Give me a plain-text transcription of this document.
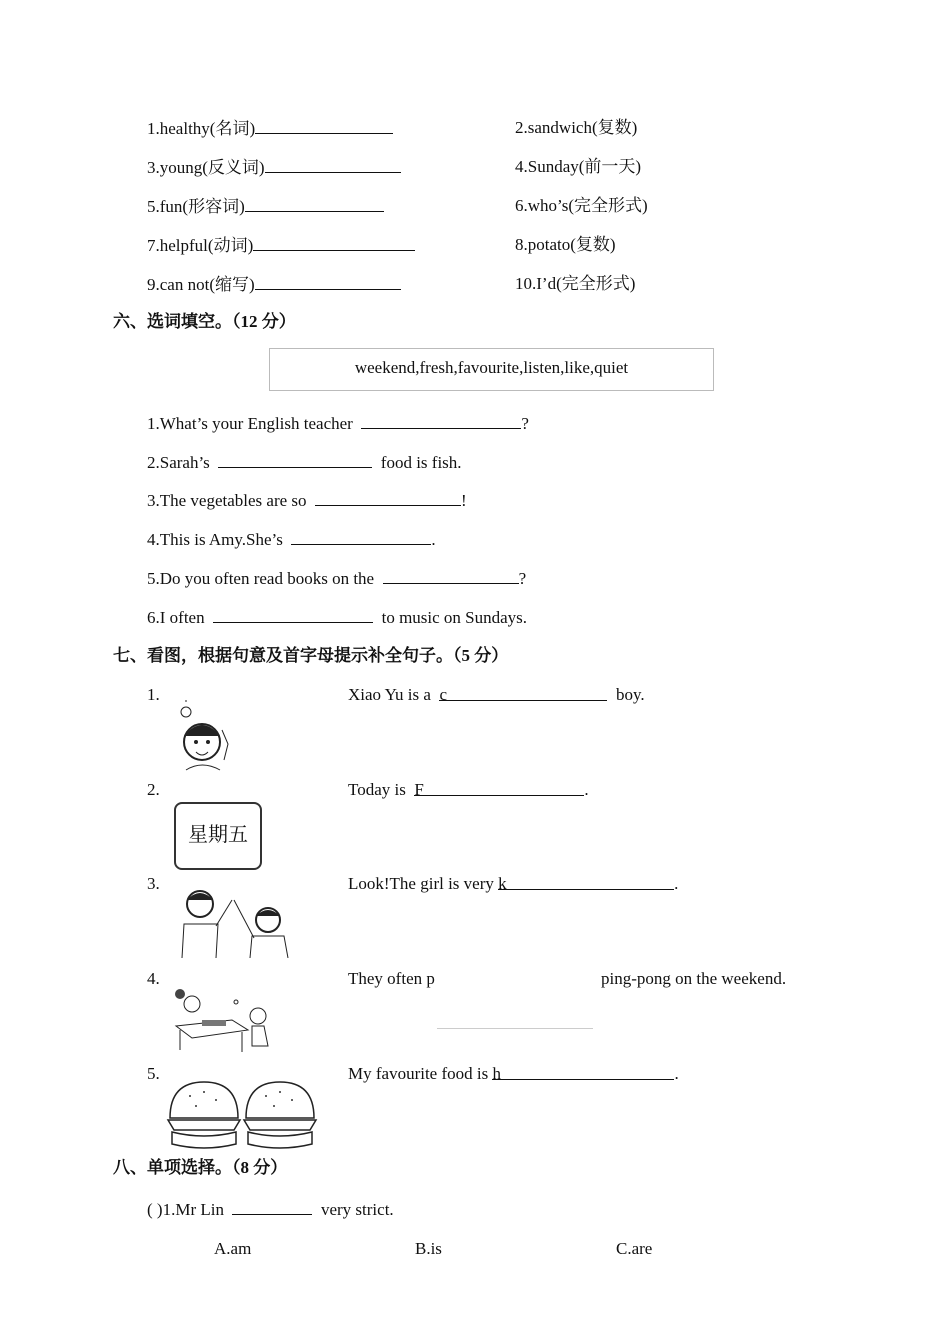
1.healthy(名词)	2.sandwich(复数)
3.young(反义词)	4.Sunday(前一天)
5.fun(形容词)	6.who’s(完全形式)
7.helpful(动词)	8.potato(复数)
9.can not(缩写)	10.I’d(完全形式)
六、选词填空。（12 分）
weekend,fresh,favourite,listen,like,quiet
1.What’s your English teacher	?
2.Sarah’s	food is fish.
3.The vegetables are so	!
4.This is Amy.She’s	.
5.Do you often read books on the	?
6.I often	to music on Sundays.
七、看图，根据句意及首字母提示补全句子。（5 分）
1.	Xiao Yu is a c	boy.
2.
星期五
Today is F	.
3.	Look!The girl is very k	.
4.	They often p	ping-pong on the weekend.
5.	My favourite food is h	.
八、单项选择。（8 分）
( )1.Mr Lin	very strict.
A.am	B.is	C.are
